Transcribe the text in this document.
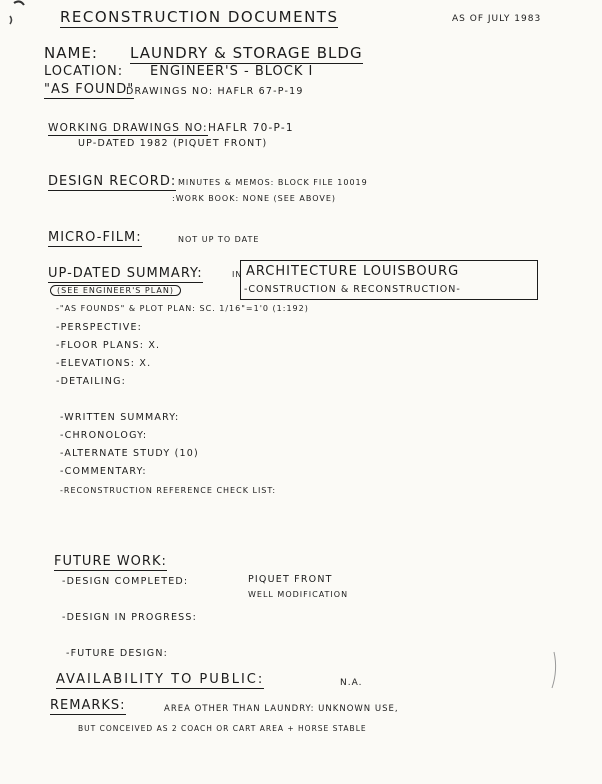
RECONSTRUCTION DOCUMENTS	AS OF JULY 1983
NAME: LAUNDRY & STORAGE BLDG
LOCATION: ENGINEER'S - BLOCK I
"AS FOUND"
DRAWINGS NO: HAFLR 67-P-19
WORKING DRAWINGS NO: HAFLR 70-P-1
UP-DATED 1982 (PIQUET FRONT)
DESIGN RECORD: MINUTES & MEMOS: BLOCK FILE 10019
:WORK BOOK: NONE (SEE ABOVE)
MICRO-FILM:	NOT UP TO DATE
UP-DATED SUMMARY:	IN ARCHITECTURE LOUISBOURG
-CONSTRUCTION & RECONSTRUCTION-
(SEE ENGINEER'S PLAN)
-"AS FOUNDS" & PLOT PLAN: SC. 1/16"=1'0 (1:192)
-PERSPECTIVE:
-FLOOR PLANS: X.
-ELEVATIONS: X.
-DETAILING:
-WRITTEN SUMMARY:
-CHRONOLOGY:
-ALTERNATE STUDY (10)
-COMMENTARY:
-RECONSTRUCTION REFERENCE CHECK LIST:
FUTURE WORK:
-DESIGN COMPLETED:	PIQUET FRONT
WELL MODIFICATION
-DESIGN IN PROGRESS:
-FUTURE DESIGN:
AVAILABILITY TO PUBLIC:	N.A.
REMARKS:	AREA OTHER THAN LAUNDRY: UNKNOWN USE,
BUT CONCEIVED AS 2 COACH OR CART AREA + HORSE STABLE
